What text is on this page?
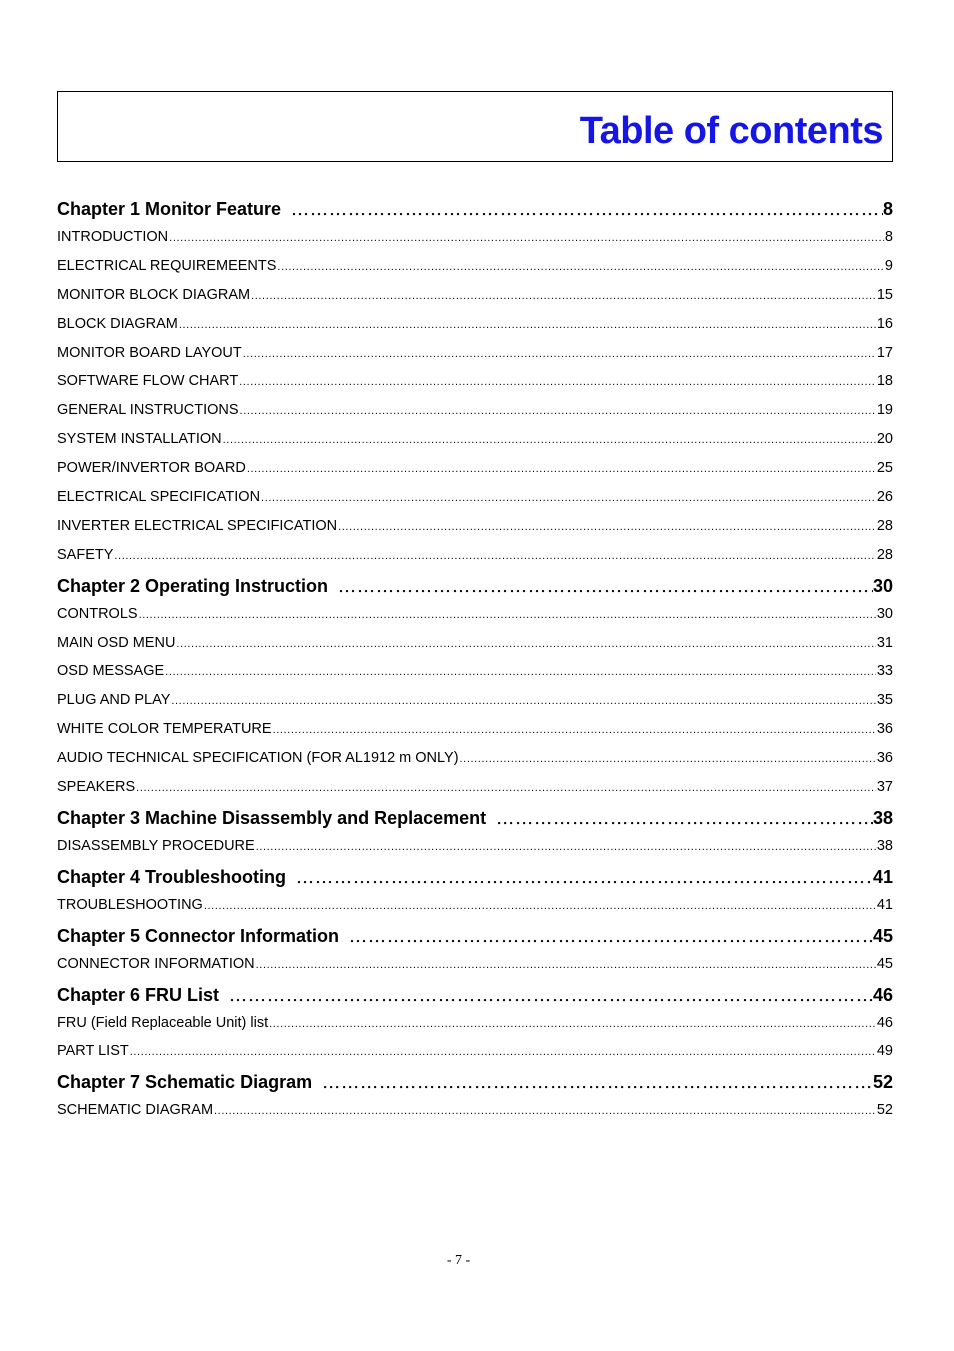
Table of contents
Chapter 1 Monitor Feature ……………………………………………………………………………………………………………………………………………………………	8
INTRODUCTION .....	8
ELECTRICAL REQUIREMEENTS .....	9
MONITOR BLOCK DIAGRAM .....	15
BLOCK DIAGRAM .....	16
MONITOR BOARD LAYOUT .....	17
SOFTWARE FLOW CHART .....	18
GENERAL INSTRUCTIONS .....	19
SYSTEM INSTALLATION .....	20
POWER/INVERTOR BOARD .....	25
ELECTRICAL SPECIFICATION .....	26
INVERTER ELECTRICAL SPECIFICATION .....	28
SAFETY .....	28
Chapter 2 Operating Instruction ……………………………………………………………………………………………………………………………………………………………	30
CONTROLS .....	30
MAIN OSD MENU .....	31
OSD MESSAGE .....	33
PLUG AND PLAY .....	35
WHITE COLOR TEMPERATURE .....	36
AUDIO TECHNICAL SPECIFICATION (FOR AL1912 m ONLY) .....	36
SPEAKERS .....	37
Chapter 3 Machine Disassembly and Replacement ……………………………………………………………………………………………………………………………………………………………	38
DISASSEMBLY PROCEDURE .....	38
Chapter 4 Troubleshooting ……………………………………………………………………………………………………………………………………………………………	41
TROUBLESHOOTING .....	41
Chapter 5 Connector Information ……………………………………………………………………………………………………………………………………………………………	45
CONNECTOR INFORMATION .....	45
Chapter 6 FRU List ……………………………………………………………………………………………………………………………………………………………	46
FRU (Field Replaceable Unit) list .....	46
PART LIST .....	49
Chapter 7 Schematic Diagram ……………………………………………………………………………………………………………………………………………………………	52
SCHEMATIC DIAGRAM .....	52
- 7 -
